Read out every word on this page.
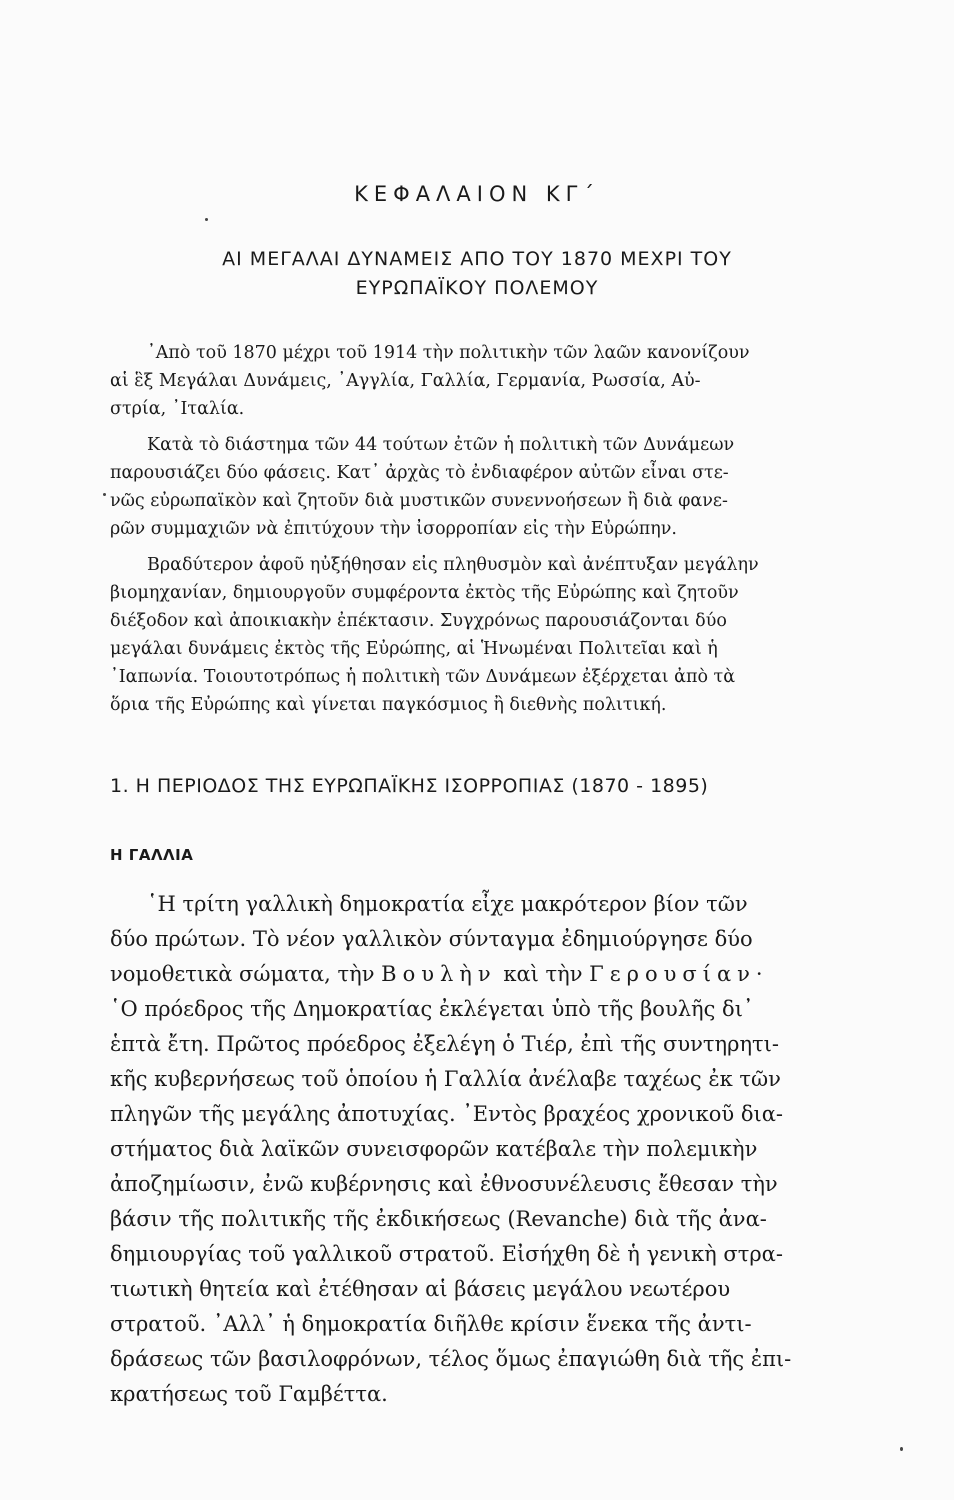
ΚΕΦΑΛΑΙΟΝ ΚΓ΄
ΑΙ ΜΕΓΑΛΑΙ ΔΥΝΑΜΕΙΣ ΑΠΟ ΤΟΥ 1870 ΜΕΧΡΙ ΤΟΥ
ΕΥΡΩΠΑΪΚΟΥ ΠΟΛΕΜΟΥ
᾿Απὸ τοῦ 1870 μέχρι τοῦ 1914 τὴν πολιτικὴν τῶν λαῶν κανονίζουν
αἱ ἓξ Μεγάλαι Δυνάμεις, ᾿Αγγλία, Γαλλία, Γερμανία, Ρωσσία, Αὐ-
στρία, ᾿Ιταλία.
Κατὰ τὸ διάστημα τῶν 44 τούτων ἐτῶν ἡ πολιτικὴ τῶν Δυνάμεων
παρουσιάζει δύο φάσεις. Κατ᾿ ἀρχὰς τὸ ἐνδιαφέρον αὐτῶν εἶναι στε-
νῶς εὐρωπαϊκὸν καὶ ζητοῦν διὰ μυστικῶν συνεννοήσεων ἢ διὰ φανε-
ρῶν συμμαχιῶν νὰ ἐπιτύχουν τὴν ἰσορροπίαν εἰς τὴν Εὐρώπην.
Βραδύτερον ἀφοῦ ηὐξήθησαν εἰς πληθυσμὸν καὶ ἀνέπτυξαν μεγάλην
βιομηχανίαν, δημιουργοῦν συμφέροντα ἐκτὸς τῆς Εὐρώπης καὶ ζητοῦν
διέξοδον καὶ ἀποικιακὴν ἐπέκτασιν. Συγχρόνως παρουσιάζονται δύο
μεγάλαι δυνάμεις ἐκτὸς τῆς Εὐρώπης, αἱ Ἡνωμέναι Πολιτεῖαι καὶ ἡ
᾿Ιαπωνία. Τοιουτοτρόπως ἡ πολιτικὴ τῶν Δυνάμεων ἐξέρχεται ἀπὸ τὰ
ὅρια τῆς Εὐρώπης καὶ γίνεται παγκόσμιος ἢ διεθνὴς πολιτική.
1. Η ΠΕΡΙΟΔΟΣ ΤΗΣ ΕΥΡΩΠΑΪΚΗΣ ΙΣΟΡΡΟΠΙΑΣ (1870 - 1895)
Η ΓΑΛΛΙΑ
῾Η τρίτη γαλλικὴ δημοκρατία εἶχε μακρότερον βίον τῶν
δύο πρώτων. Τὸ νέον γαλλικὸν σύνταγμα ἐδημιούργησε δύο
νομοθετικὰ σώματα, τὴν Βουλὴν καὶ τὴν Γερουσίαν·
῾Ο πρόεδρος τῆς Δημοκρατίας ἐκλέγεται ὑπὸ τῆς βουλῆς δι᾿
ἑπτὰ ἔτη. Πρῶτος πρόεδρος ἐξελέγη ὁ Τιέρ, ἐπὶ τῆς συντηρητι-
κῆς κυβερνήσεως τοῦ ὁποίου ἡ Γαλλία ἀνέλαβε ταχέως ἐκ τῶν
πληγῶν τῆς μεγάλης ἀποτυχίας. ᾿Εντὸς βραχέος χρονικοῦ δια-
στήματος διὰ λαϊκῶν συνεισφορῶν κατέβαλε τὴν πολεμικὴν
ἀποζημίωσιν, ἐνῶ κυβέρνησις καὶ ἐθνοσυνέλευσις ἔθεσαν τὴν
βάσιν τῆς πολιτικῆς τῆς ἐκδικήσεως (Revanche) διὰ τῆς ἀνα-
δημιουργίας τοῦ γαλλικοῦ στρατοῦ. Εἰσήχθη δὲ ἡ γενικὴ στρα-
τιωτικὴ θητεία καὶ ἐτέθησαν αἱ βάσεις μεγάλου νεωτέρου
στρατοῦ. ᾿Αλλ᾿ ἡ δημοκρατία διῆλθε κρίσιν ἕνεκα τῆς ἀντι-
δράσεως τῶν βασιλοφρόνων, τέλος ὅμως ἐπαγιώθη διὰ τῆς ἐπι-
κρατήσεως τοῦ Γαμβέττα.
